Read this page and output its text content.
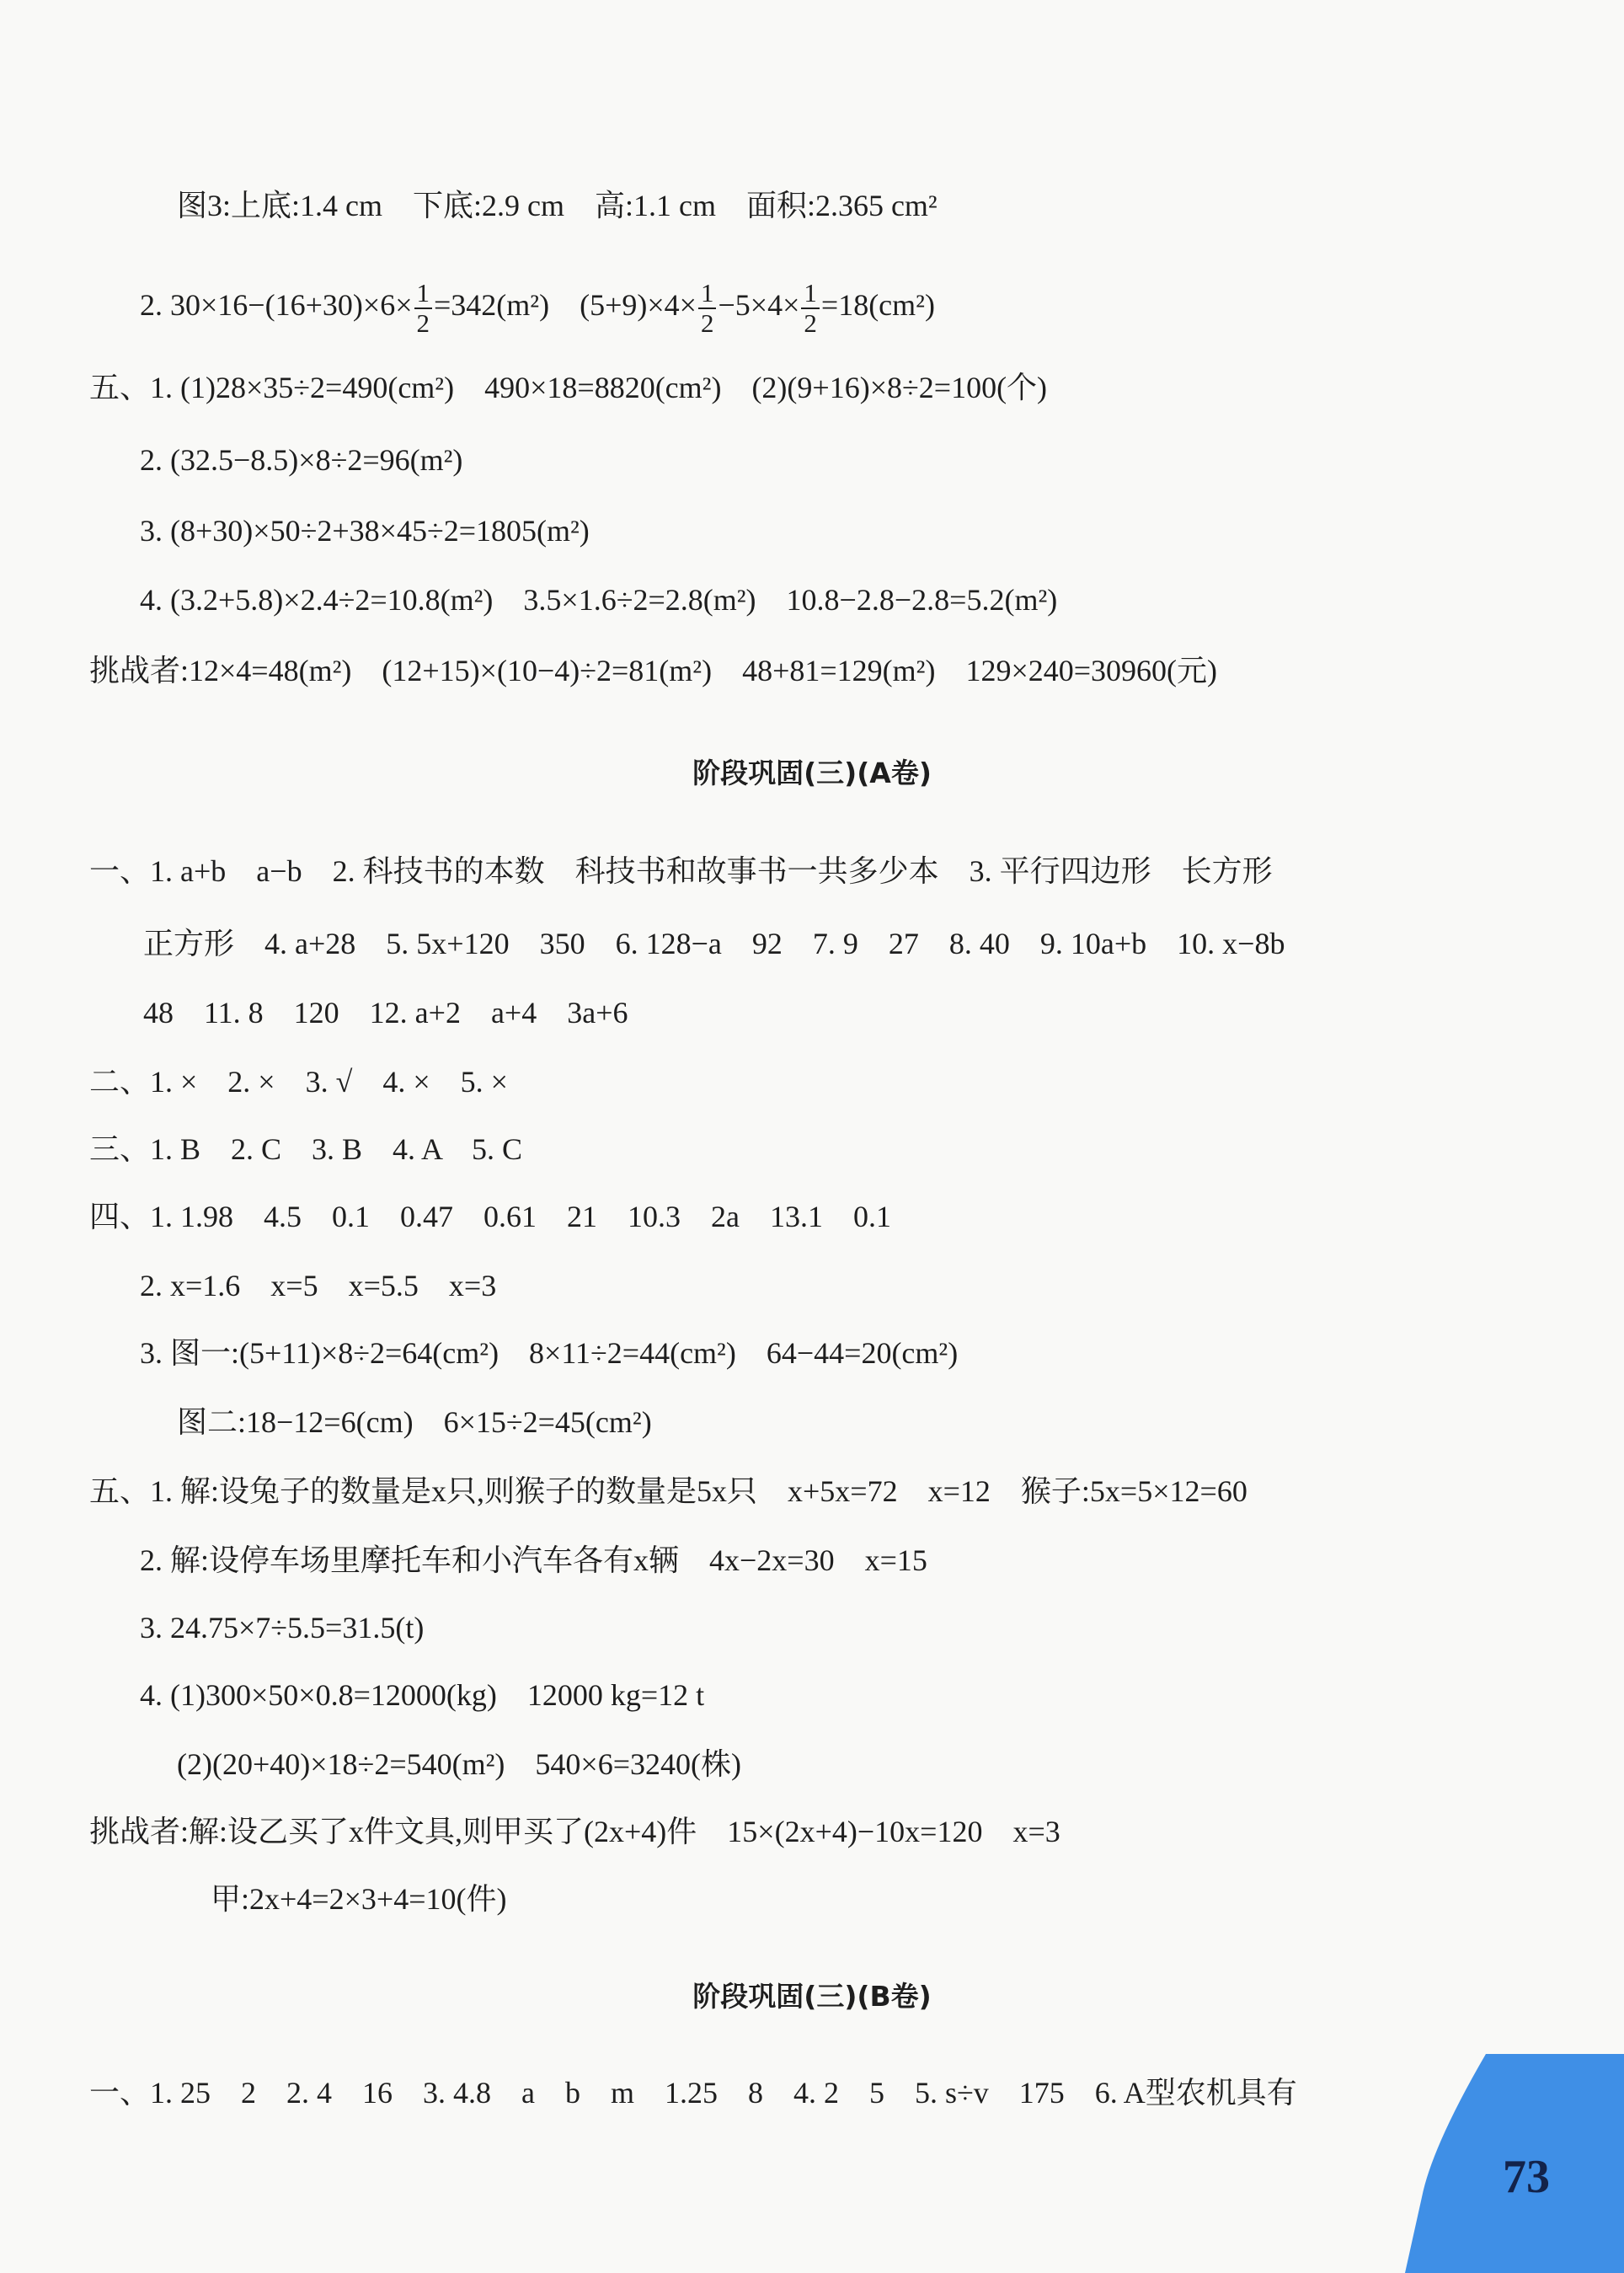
图3:上底:1.4 cm　下底:2.9 cm　高:1.1 cm　面积:2.365 cm²
2. $30\times 16-(16+30)\times 6\times \frac{1}{2} =342(m^2)$　$(5+9)\times 4\times \frac{1}{2} -5\times 4\times \frac{1}{2} =18(cm^2)$
五、1. (1)28×35÷2=490(cm²)　490×18=8820(cm²)　(2)(9+16)×8÷2=100(个)
2. (32.5−8.5)×8÷2=96(m²)
3. (8+30)×50÷2+38×45÷2=1805(m²)
4. (3.2+5.8)×2.4÷2=10.8(m²)　3.5×1.6÷2=2.8(m²)　10.8−2.8−2.8=5.2(m²)
挑战者:12×4=48(m²)　(12+15)×(10−4)÷2=81(m²)　48+81=129(m²)　129×240=30960(元)
阶段巩固(三)(A卷)
一、1. a+b　a−b　2. 科技书的本数　科技书和故事书一共多少本　3. 平行四边形　长方形
正方形　4. a+28　5. 5x+120　350　6. 128−a　92　7. 9　27　8. 40　9. 10a+b　10. x−8b
48　11. 8　120　12. a+2　a+4　3a+6
二、1. ×　2. ×　3. √　4. ×　5. ×
三、1. B　2. C　3. B　4. A　5. C
四、1. 1.98　4.5　0.1　0.47　0.61　21　10.3　2a　13.1　0.1
2. x=1.6　x=5　x=5.5　x=3
3. 图一:(5+11)×8÷2=64(cm²)　8×11÷2=44(cm²)　64−44=20(cm²)
图二:18−12=6(cm)　6×15÷2=45(cm²)
五、1. 解:设兔子的数量是x只,则猴子的数量是5x只　x+5x=72　x=12　猴子:5x=5×12=60
2. 解:设停车场里摩托车和小汽车各有x辆　4x−2x=30　x=15
3. 24.75×7÷5.5=31.5(t)
4. (1)300×50×0.8=12000(kg)　12000 kg=12 t
(2)(20+40)×18÷2=540(m²)　540×6=3240(株)
挑战者:解:设乙买了x件文具,则甲买了(2x+4)件　15×(2x+4)−10x=120　x=3
甲:2x+4=2×3+4=10(件)
阶段巩固(三)(B卷)
一、1. 25　2　2. 4　16　3. 4.8　a　b　m　1.25　8　4. 2　5　5. s÷v　175　6. A型农机具有
73
